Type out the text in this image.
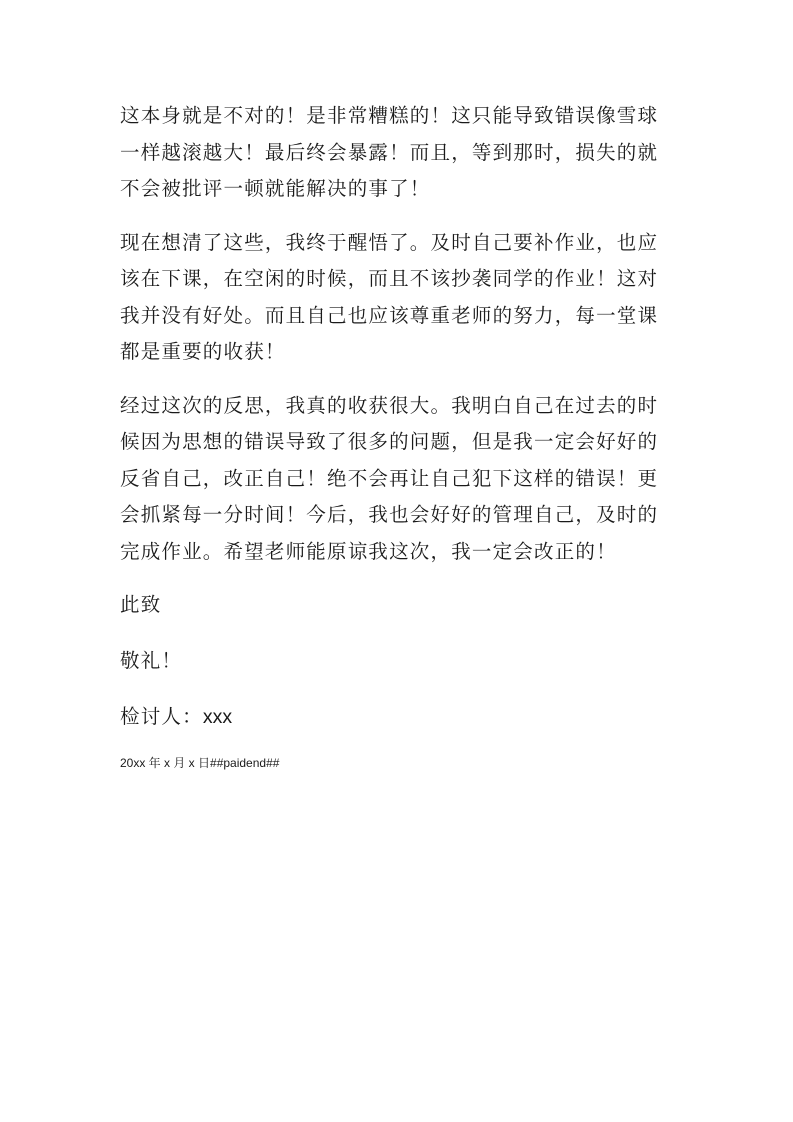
这本身就是不对的！是非常糟糕的！这只能导致错误像雪球
一样越滚越大！最后终会暴露！而且，等到那时，损失的就
不会被批评一顿就能解决的事了！
现在想清了这些，我终于醒悟了。及时自己要补作业，也应
该在下课，在空闲的时候，而且不该抄袭同学的作业！这对
我并没有好处。而且自己也应该尊重老师的努力，每一堂课
都是重要的收获！
经过这次的反思，我真的收获很大。我明白自己在过去的时
候因为思想的错误导致了很多的问题，但是我一定会好好的
反省自己，改正自己！绝不会再让自己犯下这样的错误！更
会抓紧每一分时间！今后，我也会好好的管理自己，及时的
完成作业。希望老师能原谅我这次，我一定会改正的！
此致
敬礼！
检讨人：xxx
20xx 年 x 月 x 日##paidend##
